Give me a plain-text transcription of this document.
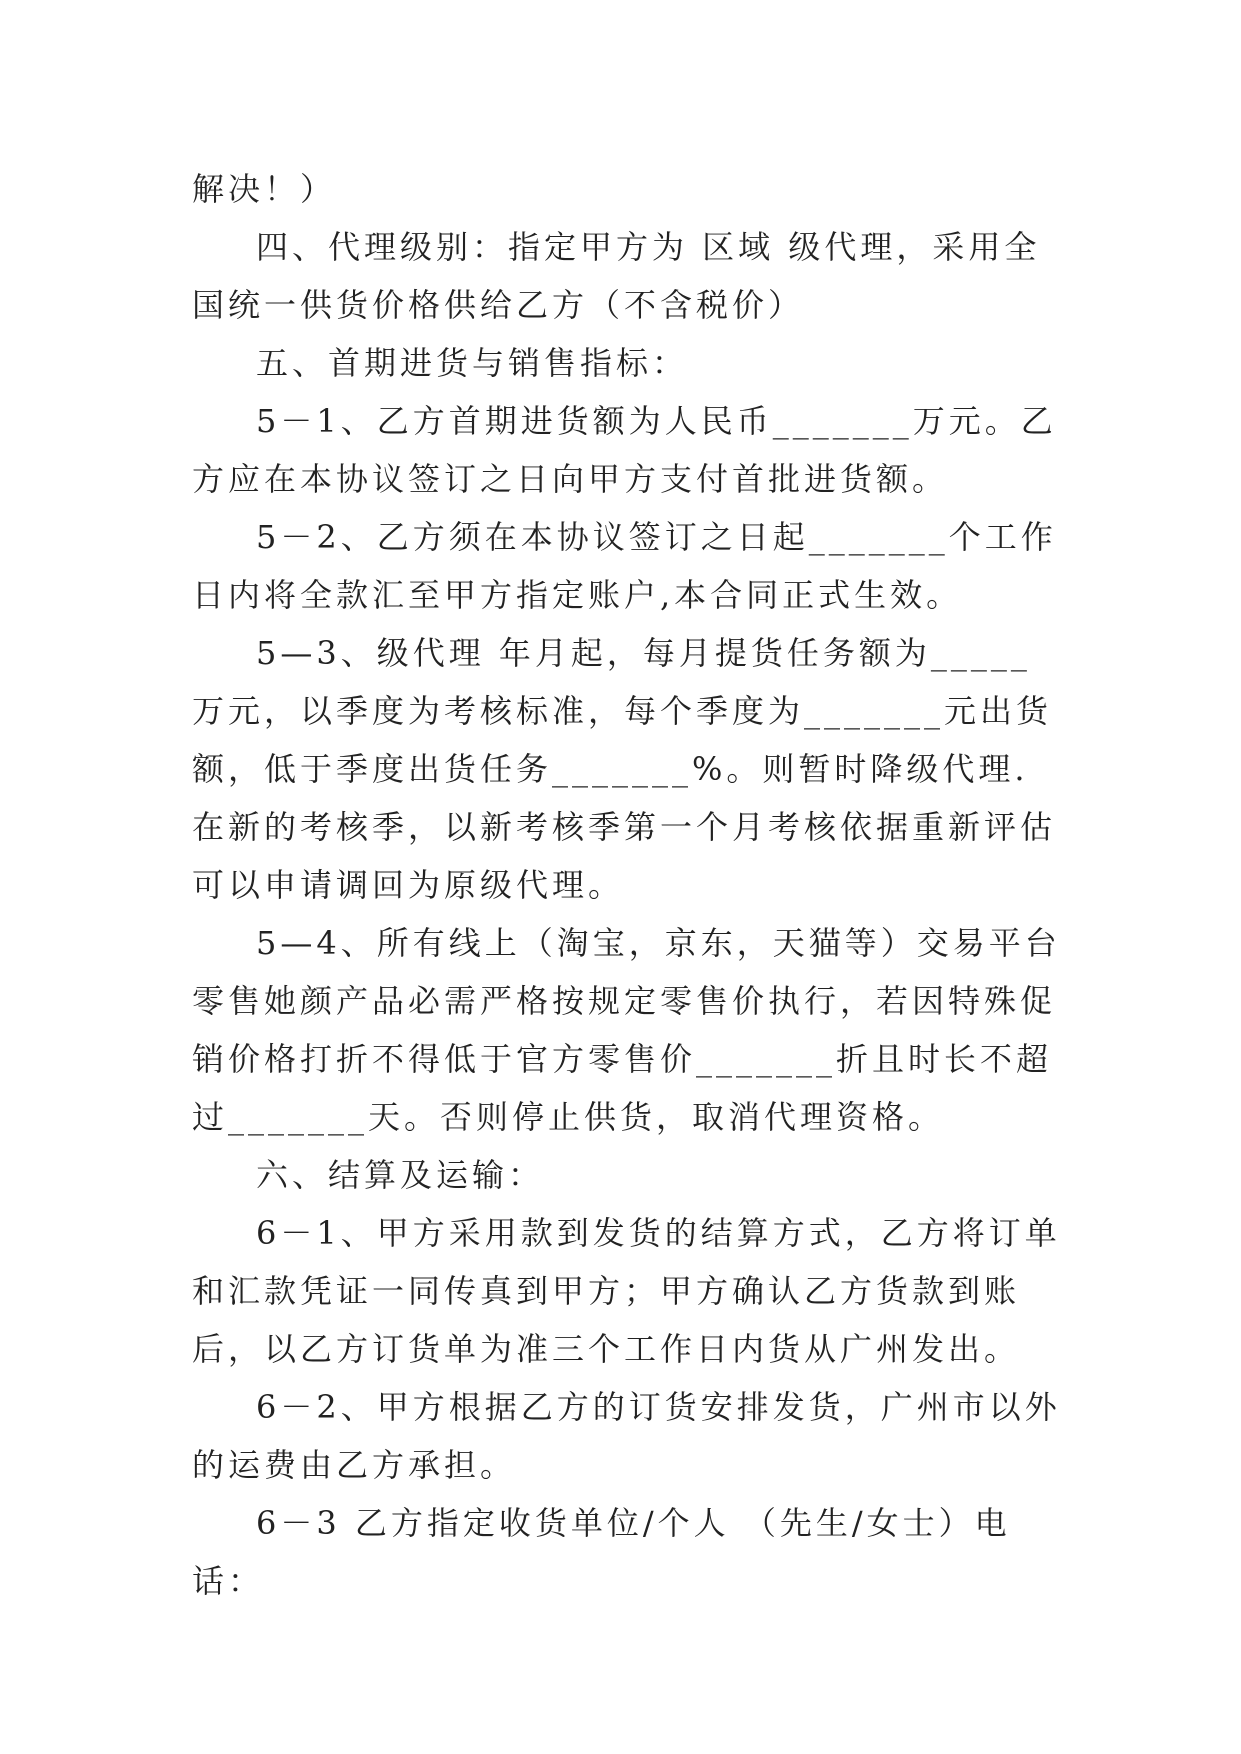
解决！）

四、代理级别：指定甲方为 区域 级代理，采用全国统一供货价格供给乙方（不含税价）

五、首期进货与销售指标：

5－1、乙方首期进货额为人民币_______万元。乙方应在本协议签订之日向甲方支付首批进货额。

5－2、乙方须在本协议签订之日起_______个工作日内将全款汇至甲方指定账户,本合同正式生效。

5—3、级代理 年月起，每月提货任务额为_____万元，以季度为考核标准，每个季度为_______元出货额，低于季度出货任务_______%。则暂时降级代理.在新的考核季，以新考核季第一个月考核依据重新评估可以申请调回为原级代理。

5—4、所有线上（淘宝，京东，天猫等）交易平台零售她颜产品必需严格按规定零售价执行，若因特殊促销价格打折不得低于官方零售价_______折且时长不超过_______天。否则停止供货，取消代理资格。

六、结算及运输：

6－1、甲方采用款到发货的结算方式，乙方将订单和汇款凭证一同传真到甲方；甲方确认乙方货款到账后，以乙方订货单为准三个工作日内货从广州发出。

6－2、甲方根据乙方的订货安排发货，广州市以外的运费由乙方承担。

6－3 乙方指定收货单位/个人 （先生/女士）电话：
